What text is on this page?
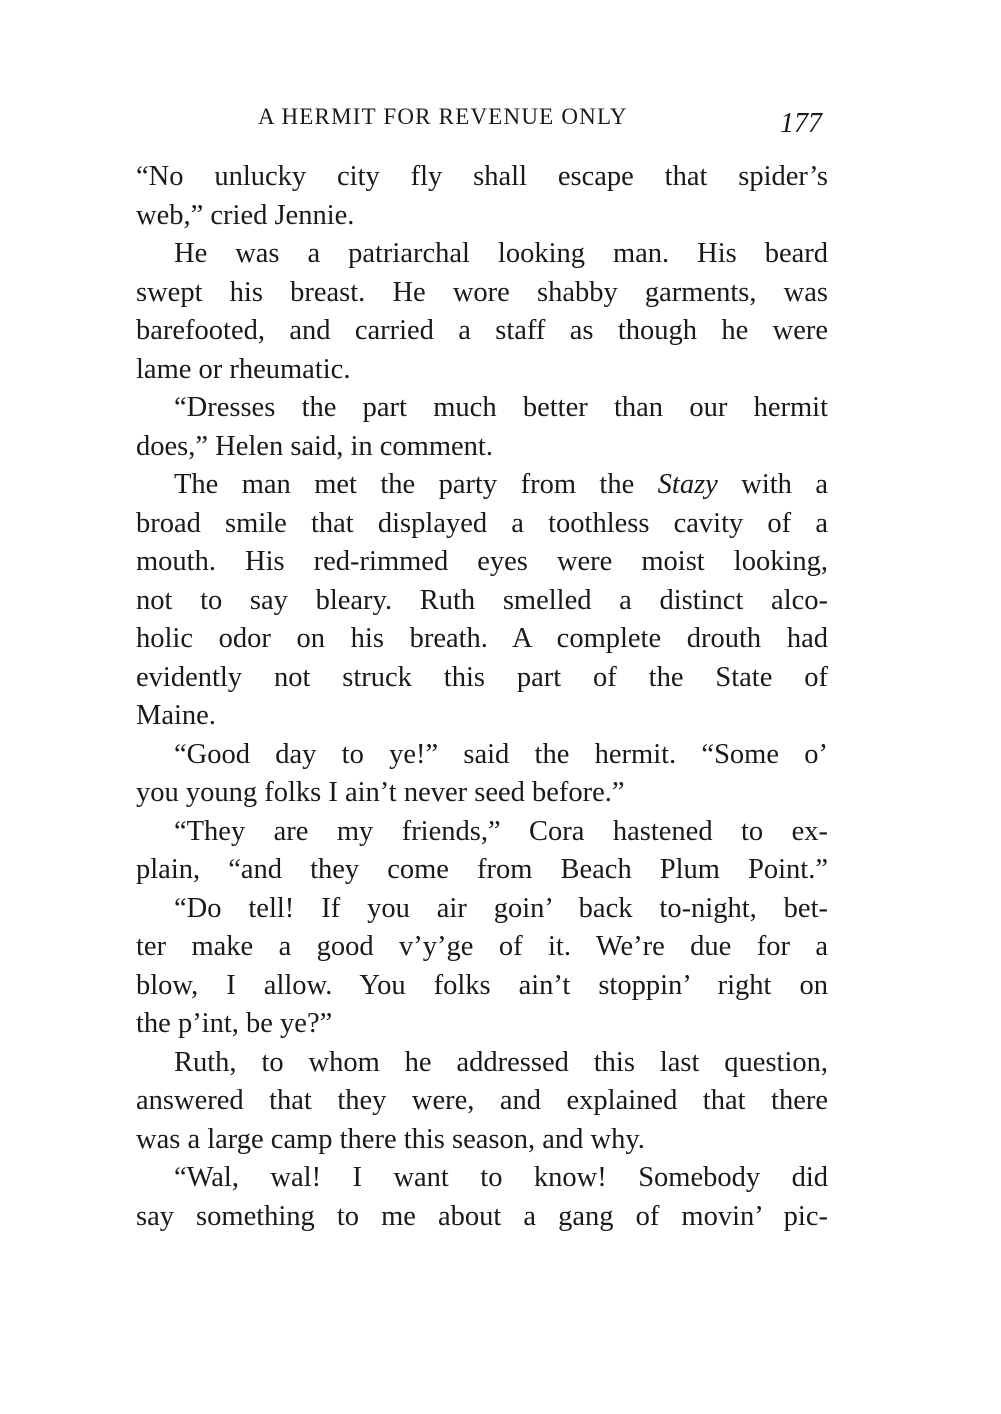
A HERMIT FOR REVENUE ONLY	177
“No unlucky city fly shall escape that spider’s
web,” cried Jennie.
He was a patriarchal looking man. His beard
swept his breast. He wore shabby garments, was
barefooted, and carried a staff as though he were
lame or rheumatic.
“Dresses the part much better than our hermit
does,” Helen said, in comment.
The man met the party from the Stazy with a
broad smile that displayed a toothless cavity of a
mouth. His red-rimmed eyes were moist looking,
not to say bleary. Ruth smelled a distinct alco-
holic odor on his breath. A complete drouth had
evidently not struck this part of the State of
Maine.
“Good day to ye!” said the hermit. “Some o’
you young folks I ain’t never seed before.”
“They are my friends,” Cora hastened to ex-
plain, “and they come from Beach Plum Point.”
“Do tell! If you air goin’ back to-night, bet-
ter make a good v’y’ge of it. We’re due for a
blow, I allow. You folks ain’t stoppin’ right on
the p’int, be ye?”
Ruth, to whom he addressed this last question,
answered that they were, and explained that there
was a large camp there this season, and why.
“Wal, wal! I want to know! Somebody did
say something to me about a gang of movin’ pic-
